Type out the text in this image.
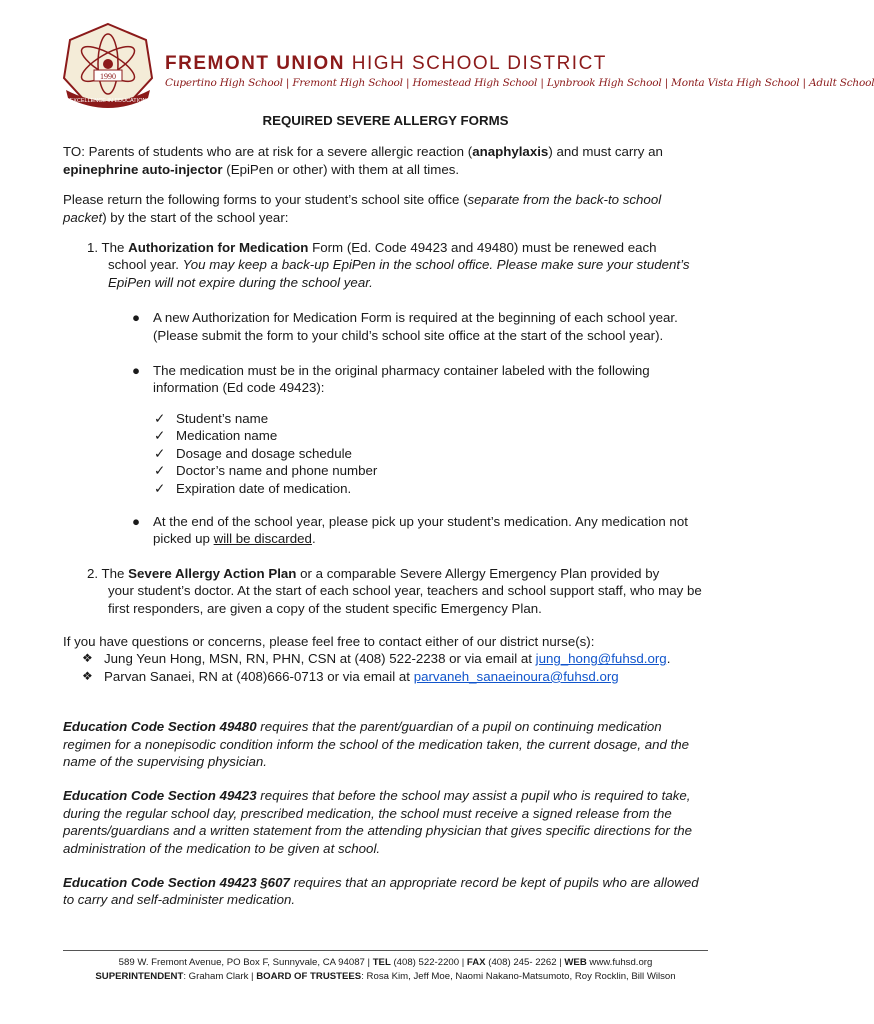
1990
EXCELLENCE IN EDUCATION
FREMONT UNION HIGH SCHOOL DISTRICT
Cupertino High School | Fremont High School | Homestead High School | Lynbrook High School | Monta Vista High School | Adult School

REQUIRED SEVERE ALLERGY FORMS

TO: Parents of students who are at risk for a severe allergic reaction (anaphylaxis) and must carry an
epinephrine auto-injector (EpiPen or other) with them at all times.

Please return the following forms to your student’s school site office (separate from the back-to school packet) by the start of the school year:

1. The Authorization for Medication Form (Ed. Code 49423 and 49480) must be renewed each
school year. You may keep a back-up EpiPen in the school office. Please make sure your student’s EpiPen will not expire during the school year.
● A new Authorization for Medication Form is required at the beginning of each school year. (Please submit the form to your child’s school site office at the start of the school year).
● The medication must be in the original pharmacy container labeled with the following information (Ed code 49423):
✓ Student’s name
✓ Medication name
✓ Dosage and dosage schedule
✓ Doctor’s name and phone number
✓ Expiration date of medication.
● At the end of the school year, please pick up your student’s medication. Any medication not picked up will be discarded.
2. The Severe Allergy Action Plan or a comparable Severe Allergy Emergency Plan provided by
your student’s doctor. At the start of each school year, teachers and school support staff, who may be first responders, are given a copy of the student specific Emergency Plan.

If you have questions or concerns, please feel free to contact either of our district nurse(s):

❖ Jung Yeun Hong, MSN, RN, PHN, CSN at (408) 522-2238 or via email at jung_hong@fuhsd.org.
❖ Parvan Sanaei, RN at (408)666-0713 or via email at parvaneh_sanaeinoura@fuhsd.org

Education Code Section 49480 requires that the parent/guardian of a pupil on continuing medication regimen for a nonepisodic condition inform the school of the medication taken, the current dosage, and the name of the supervising physician.

Education Code Section 49423 requires that before the school may assist a pupil who is required to take, during the regular school day, prescribed medication, the school must receive a signed release from the parents/guardians and a written statement from the attending physician that gives specific directions for the administration of the medication to be given at school.

Education Code Section 49423 §607 requires that an appropriate record be kept of pupils who are allowed to carry and self-administer medication.

589 W. Fremont Avenue, PO Box F, Sunnyvale, CA 94087 | TEL (408) 522-2200 | FAX (408) 245- 2262 | WEB www.fuhsd.org
SUPERINTENDENT: Graham Clark | BOARD OF TRUSTEES: Rosa Kim, Jeff Moe, Naomi Nakano-Matsumoto, Roy Rocklin, Bill Wilson
